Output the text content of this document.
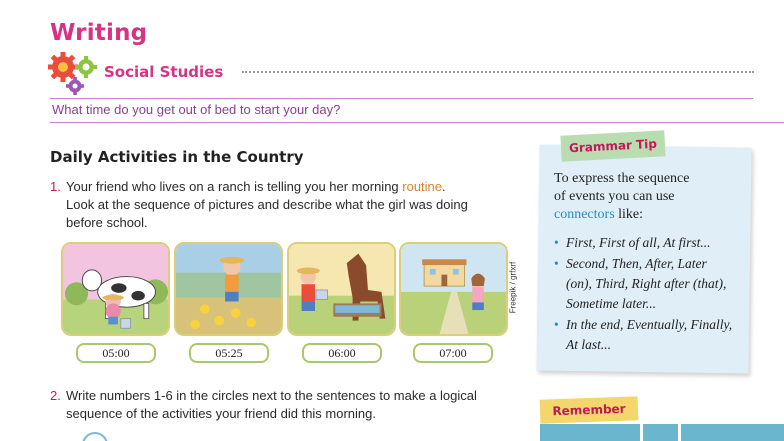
Writing
Social Studies
What time do you get out of bed to start your day?
Daily Activities in the Country
1. Your friend who lives on a ranch is telling you her morning routine.
Look at the sequence of pictures and describe what the girl was doing
before school.
05:00	05:25	06:00	07:00
Freepik / grfxrf
2. Write numbers 1-6 in the circles next to the sentences to make a logical
sequence of the activities your friend did this morning.
Grammar Tip
To express the sequence
of events you can use
connectors like:
• First, First of all, At first...
• Second, Then, After, Later
(on), Third, Right after (that),
Sometime later...
• In the end, Eventually, Finally,
At last...
Remember
